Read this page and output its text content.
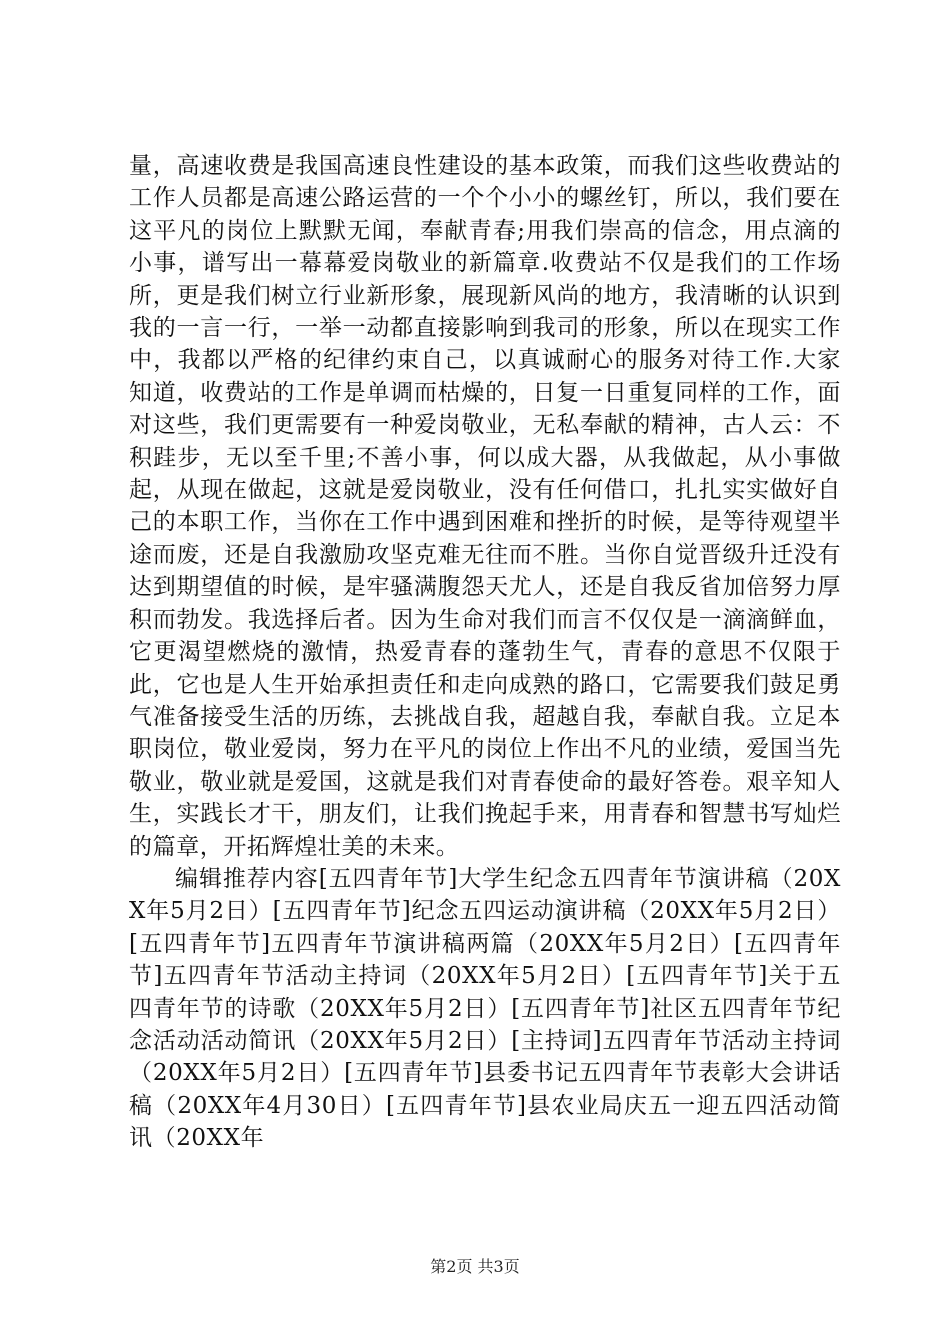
量，高速收费是我国高速良性建设的基本政策，而我们这些收费站的工作人员都是高速公路运营的一个个小小的螺丝钉，所以，我们要在这平凡的岗位上默默无闻，奉献青春;用我们崇高的信念，用点滴的小事，谱写出一幕幕爱岗敬业的新篇章.收费站不仅是我们的工作场所，更是我们树立行业新形象，展现新风尚的地方，我清晰的认识到我的一言一行，一举一动都直接影响到我司的形象，所以在现实工作中，我都以严格的纪律约束自己，以真诚耐心的服务对待工作.大家知道，收费站的工作是单调而枯燥的，日复一日重复同样的工作，面对这些，我们更需要有一种爱岗敬业，无私奉献的精神，古人云：不积跬步，无以至千里;不善小事，何以成大器，从我做起，从小事做起，从现在做起，这就是爱岗敬业，没有任何借口，扎扎实实做好自己的本职工作，当你在工作中遇到困难和挫折的时候，是等待观望半途而废，还是自我激励攻坚克难无往而不胜。当你自觉晋级升迁没有达到期望值的时候，是牢骚满腹怨天尤人，还是自我反省加倍努力厚积而勃发。我选择后者。因为生命对我们而言不仅仅是一滴滴鲜血，它更渴望燃烧的激情，热爱青春的蓬勃生气，青春的意思不仅限于此，它也是人生开始承担责任和走向成熟的路口，它需要我们鼓足勇气准备接受生活的历练，去挑战自我，超越自我，奉献自我。立足本职岗位，敬业爱岗，努力在平凡的岗位上作出不凡的业绩，爱国当先敬业，敬业就是爱国，这就是我们对青春使命的最好答卷。艰辛知人生，实践长才干，朋友们，让我们挽起手来，用青春和智慧书写灿烂的篇章，开拓辉煌壮美的未来。

编辑推荐内容[五四青年节]大学生纪念五四青年节演讲稿（20XX年5月2日）[五四青年节]纪念五四运动演讲稿（20XX年5月2日）[五四青年节]五四青年节演讲稿两篇（20XX年5月2日）[五四青年节]五四青年节活动主持词（20XX年5月2日）[五四青年节]关于五四青年节的诗歌（20XX年5月2日）[五四青年节]社区五四青年节纪念活动活动简讯（20XX年5月2日）[主持词]五四青年节活动主持词（20XX年5月2日）[五四青年节]县委书记五四青年节表彰大会讲话稿（20XX年4月30日）[五四青年节]县农业局庆五一迎五四活动简讯（20XX年

第2页 共3页
